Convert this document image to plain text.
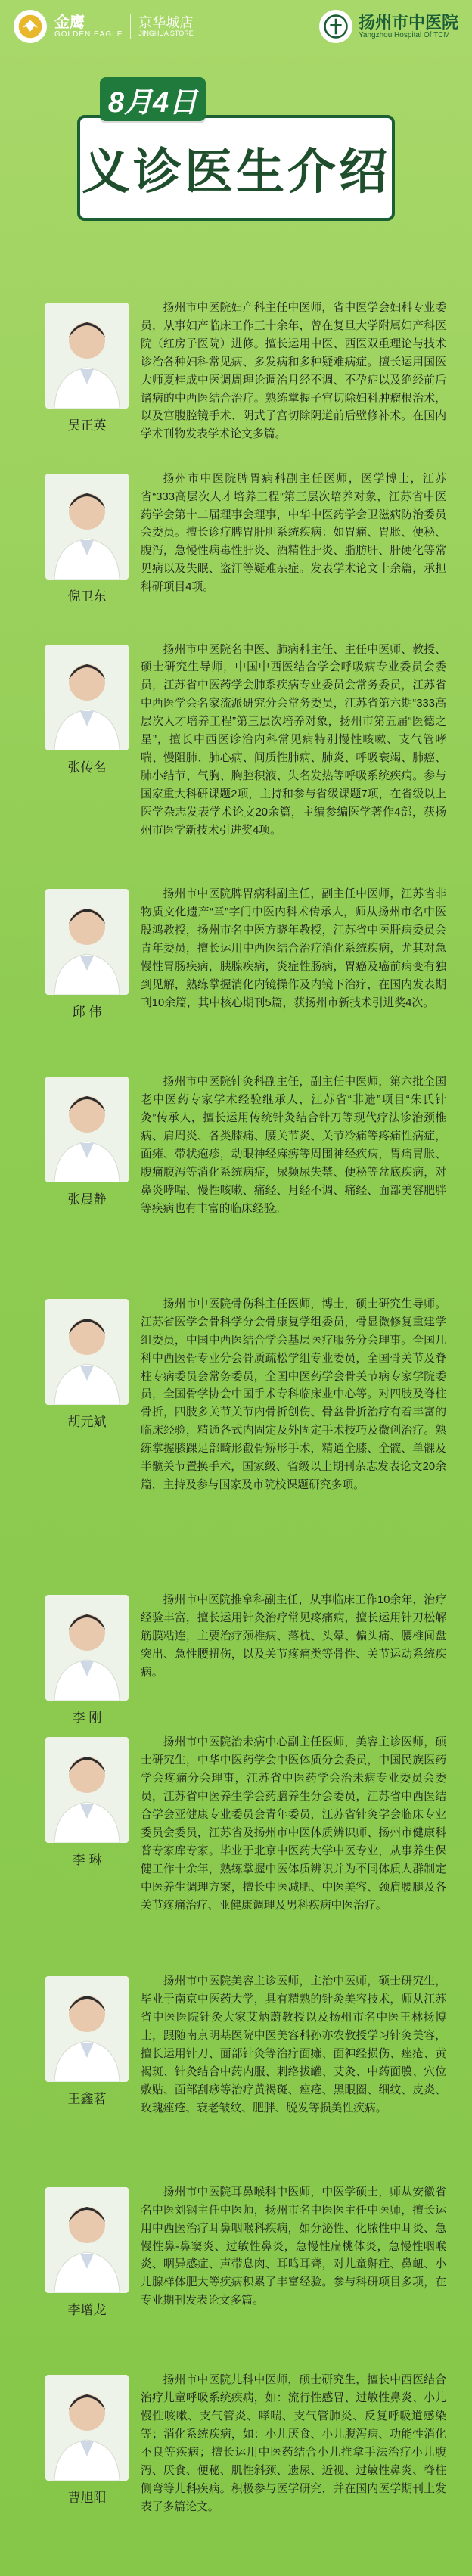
金鹰
GOLDEN EAGLE
京华城店
JINGHUA STORE
扬州市中医院
Yangzhou Hospital Of TCM
8月4日
义诊医生介绍
吴正英

扬州市中医院妇产科主任中医师，省中医学会妇科专业委员，从事妇产临床工作三十余年，曾在复旦大学附属妇产科医院（红房子医院）进修。擅长运用中医、西医双重理论与技术诊治各种妇科常见病、多发病和多种疑难病症。擅长运用国医大师夏桂成中医调周理论调治月经不调、不孕症以及绝经前后诸病的中西医结合治疗。熟练掌握子宫切除妇科肿瘤根治术，以及宫腹腔镜手术、阴式子宫切除阴道前后壁修补术。在国内学术刊物发表学术论文多篇。

倪卫东

扬州市中医院脾胃病科副主任医师，医学博士，江苏省“333高层次人才培养工程”第三层次培养对象，江苏省中医药学会第十二届理事会理事，中华中医药学会卫滋病防治委员会委员。擅长诊疗脾胃肝胆系统疾病：如胃痛、胃胀、便秘、腹泻，急慢性病毒性肝炎、酒精性肝炎、脂肪肝、肝硬化等常见病以及失眠、盗汗等疑难杂症。发表学术论文十余篇，承担科研项目4项。

张传名

扬州市中医院名中医、肺病科主任、主任中医师、教授、硕士研究生导师，中国中西医结合学会呼吸病专业委员会委员，江苏省中医药学会肺系疾病专业委员会常务委员，江苏省中西医学会名家流派研究分会常务委员，江苏省第六期“333高层次人才培养工程”第三层次培养对象，扬州市第五届“医德之星”，擅长中西医诊治内科常见病特别慢性咳嗽、支气管哮喘、慢阻肺、肺心病、间质性肺病、肺炎、呼吸衰竭、肺癌、肺小结节、气胸、胸腔积液、失名发热等呼吸系统疾病。参与国家重大科研课题2项，主持和参与省级课题7项，在省级以上医学杂志发表学术论文20余篇，主编参编医学著作4部，获扬州市医学新技术引进奖4项。

邱 伟

扬州市中医院脾胃病科副主任，副主任中医师，江苏省非物质文化遗产“章”字门中医内科术传承人，师从扬州市名中医殷鸿教授，扬州市名中医方晓年教授，江苏省中医肝病委员会青年委员，擅长运用中西医结合治疗消化系统疾病，尤其对急慢性胃肠疾病，胰腺疾病，炎症性肠病，胃癌及癌前病变有独到见解，熟练掌握消化内镜操作及内镜下治疗，在国内发表期刊10余篇，其中核心期刊5篇，获扬州市新技术引进奖4次。

张晨静

扬州市中医院针灸科副主任，副主任中医师，第六批全国老中医药专家学术经验继承人，江苏省“非遗”项目“朱氏针灸”传承人，擅长运用传统针灸结合针刀等现代疗法诊治颈椎病、肩周炎、各类膝痛、腰关节炎、关节冷痛等疼痛性病症，面瘫、带状疱疹，动眼神经麻痹等周围神经疾病，胃痛胃胀、腹痛腹泻等消化系统病症，尿频尿失禁、便秘等盆底疾病，对鼻炎哮喘、慢性咳嗽、痛经、月经不调、痛经、面部美容肥胖等疾病也有丰富的临床经验。

胡元斌

扬州市中医院骨伤科主任医师，博士，硕士研究生导师。江苏省医学会骨科学分会骨康复学组委员，骨显微修复重建学组委员，中国中西医结合学会基层医疗服务分会理事。全国几科中西医骨专业分会骨质疏松学组专业委员，全国骨关节及脊柱专病委员会常务委员，全国中医药学会骨关节病专家学院委员，全国骨学协会中国手术专科临床业中心等。对四肢及脊柱骨折，四肢多关节关节内骨折创伤、骨盆骨折治疗有着丰富的临床经验，精通各式内固定及外固定手术技巧及微创治疗。熟练掌握膝踝足部畸形截骨矫形手术，精通全膝、全髋、单髁及半髋关节置换手术，国家级、省级以上期刊杂志发表论文20余篇，主持及参与国家及市院校课题研究多项。

李 刚

扬州市中医院推拿科副主任，从事临床工作10余年，治疗经验丰富，擅长运用针灸治疗常见疼痛病，擅长运用针刀松解筋膜粘连，主要治疗颈椎病、落枕、头晕、偏头痛、腰椎间盘突出、急性腰扭伤，以及关节疼痛类等骨性、关节运动系统疾病。

李 琳

扬州市中医院治未病中心副主任医师，美容主诊医师，硕士研究生，中华中医药学会中医体质分会委员，中国民族医药学会疼痛分会理事，江苏省中医药学会治未病专业委员会委员，江苏省中医养生学会药膳养生分会委员，江苏省中西医结合学会亚健康专业委员会青年委员，江苏省针灸学会临床专业委员会委员，江苏省及扬州市中医体质辨识师、扬州市健康科普专家库专家。毕业于北京中医药大学中医专业，从事养生保健工作十余年，熟练掌握中医体质辨识并为不同体质人群制定中医养生调理方案，擅长中医减肥、中医美容、颈肩腰腿及各关节疼痛治疗、亚健康调理及男科疾病中医治疗。

王鑫茗

扬州市中医院美容主诊医师，主治中医师，硕士研究生，毕业于南京中医药大学，具有精熟的针灸美容技术，师从江苏省中医医院针灸大家艾炳蔚教授以及扬州市名中医王林扬博士，跟随南京明基医院中医美容科孙亦农教授学习针灸美容，擅长运用针刀、面部针灸等治疗面瘫、面神经损伤、痤疮、黄褐斑、针灸结合中药内服、刺络拔罐、艾灸、中药面膜、穴位敷贴、面部刮痧等治疗黄褐斑、痤疮、黑眼圈、细纹、皮炎、玫瑰痤疮、衰老皱纹、肥胖、脱发等损美性疾病。

李增龙

扬州市中医院耳鼻喉科中医师，中医学硕士，师从安徽省名中医刘钢主任中医师，扬州市名中医医主任中医师，擅长运用中西医治疗耳鼻咽喉科疾病，如分泌性、化脓性中耳炎、急慢性鼻-鼻窦炎、过敏性鼻炎，急慢性扁桃体炎，急慢性咽喉炎、咽异感症、声带息肉、耳鸣耳聋，对儿童鼾症、鼻衄、小儿腺样体肥大等疾病积累了丰富经验。参与科研项目多项，在专业期刊发表论文多篇。

曹旭阳

扬州市中医院儿科中医师，硕士研究生，擅长中西医结合治疗儿童呼吸系统疾病，如：流行性感冒、过敏性鼻炎、小儿慢性咳嗽、支气管炎、哮喘、支气管肺炎、反复呼吸道感染等；消化系统疾病，如：小儿厌食、小儿腹泻病、功能性消化不良等疾病；擅长运用中医药结合小儿推拿手法治疗小儿腹泻、厌食、便秘、肌性斜颈、遗尿、近视、过敏性鼻炎、脊柱侧弯等儿科疾病。积极参与医学研究，并在国内医学期刊上发表了多篇论文。
